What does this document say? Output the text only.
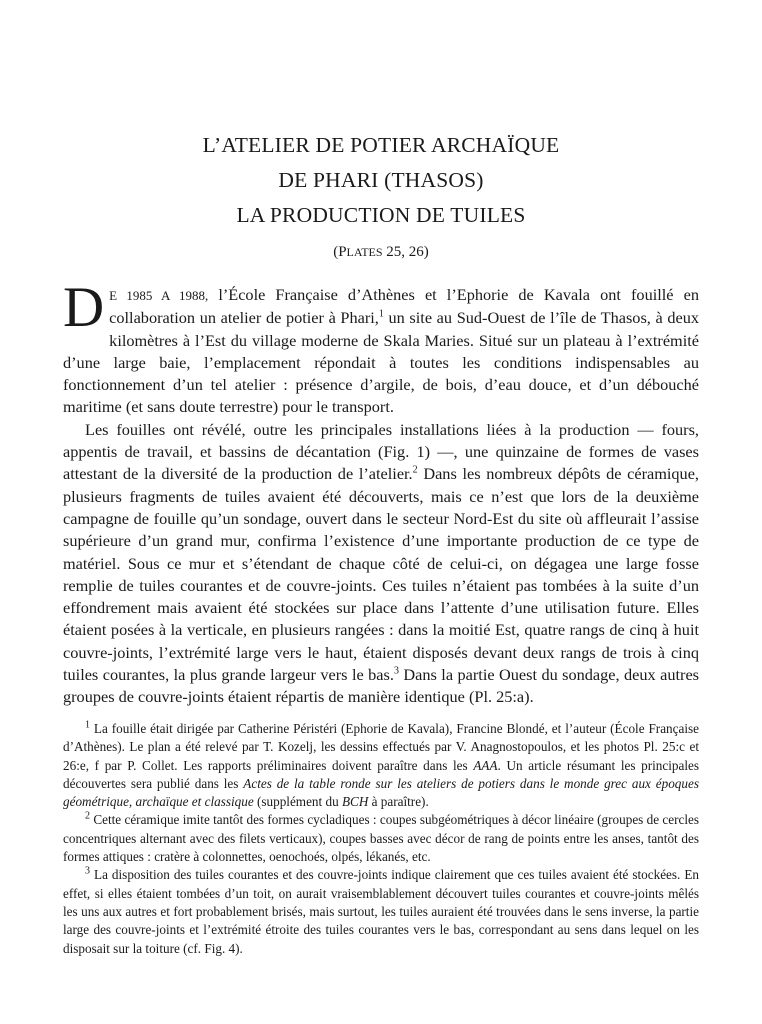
L’ATELIER DE POTIER ARCHAÏQUE
DE PHARI (THASOS)
LA PRODUCTION DE TUILES
(PLATES 25, 26)

D E 1985 A 1988, l’École Française d’Athènes et l’Ephorie de Kavala ont fouillé en collaboration un atelier de potier à Phari,$^1$ un site au Sud-Ouest de l’île de Thasos, à deux kilomètres à l’Est du village moderne de Skala Maries. Situé sur un plateau à l’extrémité d’une large baie, l’emplacement répondait à toutes les conditions indispensables au fonctionnement d’un tel atelier : présence d’argile, de bois, d’eau douce, et d’un débouché maritime (et sans doute terrestre) pour le transport.

Les fouilles ont révélé, outre les principales installations liées à la production — fours, appentis de travail, et bassins de décantation (Fig. 1) —, une quinzaine de formes de vases attestant de la diversité de la production de l’atelier.$^2$ Dans les nombreux dépôts de céramique, plusieurs fragments de tuiles avaient été découverts, mais ce n’est que lors de la deuxième campagne de fouille qu’un sondage, ouvert dans le secteur Nord-Est du site où affleurait l’assise supérieure d’un grand mur, confirma l’existence d’une importante production de ce type de matériel. Sous ce mur et s’étendant de chaque côté de celui-ci, on dégagea une large fosse remplie de tuiles courantes et de couvre-joints. Ces tuiles n’étaient pas tombées à la suite d’un effondrement mais avaient été stockées sur place dans l’attente d’une utilisation future. Elles étaient posées à la verticale, en plusieurs rangées : dans la moitié Est, quatre rangs de cinq à huit couvre-joints, l’extrémité large vers le haut, étaient disposés devant deux rangs de trois à cinq tuiles courantes, la plus grande largeur vers le bas.$^3$ Dans la partie Ouest du sondage, deux autres groupes de couvre-joints étaient répartis de manière identique (Pl. 25:a).

$^1$ La fouille était dirigée par Catherine Péristéri (Ephorie de Kavala), Francine Blondé, et l’auteur (École Française d’Athènes). Le plan a été relevé par T. Kozelj, les dessins effectués par V. Anagnostopoulos, et les photos Pl. 25:c et 26:e, f par P. Collet. Les rapports préliminaires doivent paraître dans les AAA. Un article résumant les principales découvertes sera publié dans les Actes de la table ronde sur les ateliers de potiers dans le monde grec aux époques géométrique, archaïque et classique (supplément du BCH à paraître).

$^2$ Cette céramique imite tantôt des formes cycladiques : coupes subgéométriques à décor linéaire (groupes de cercles concentriques alternant avec des filets verticaux), coupes basses avec décor de rang de points entre les anses, tantôt des formes attiques : cratère à colonnettes, oenochoés, olpés, lékanés, etc.

$^3$ La disposition des tuiles courantes et des couvre-joints indique clairement que ces tuiles avaient été stockées. En effet, si elles étaient tombées d’un toit, on aurait vraisemblablement découvert tuiles courantes et couvre-joints mêlés les uns aux autres et fort probablement brisés, mais surtout, les tuiles auraient été trouvées dans le sens inverse, la partie large des couvre-joints et l’extrémité étroite des tuiles courantes vers le bas, correspondant au sens dans lequel on les disposait sur la toiture (cf. Fig. 4).
